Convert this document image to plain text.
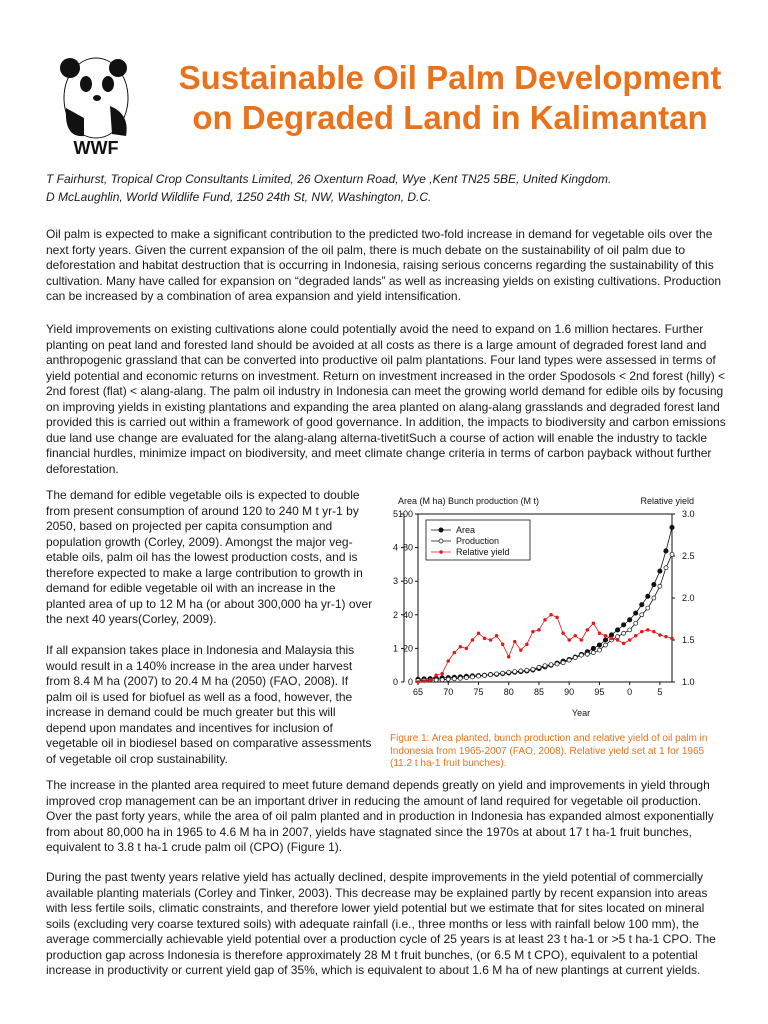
WWF
Sustainable Oil Palm Development
on Degraded Land in Kalimantan
T Fairhurst, Tropical Crop Consultants Limited, 26 Oxenturn Road, Wye ,Kent TN25 5BE, United Kingdom.
D McLaughlin, World Wildlife Fund, 1250 24th St, NW, Washington, D.C.

Oil palm is expected to make a significant contribution to the predicted two-fold increase in demand for vegetable oils over the next forty years. Given the current expansion of the oil palm, there is much debate on the sustainability of oil palm due to deforestation and habitat destruction that is occurring in Indonesia, raising serious concerns regarding the sustainability of this cultivation. Many have called for expansion on “degraded lands” as well as increasing yields on existing cultivations. Production can be increased by a combination of area expansion and yield intensification.

Yield improvements on existing cultivations alone could potentially avoid the need to expand on 1.6 million hectares. Further planting on peat land and forested land should be avoided at all costs as there is a large amount of degraded forest land and anthropogenic grassland that can be converted into productive oil palm plantations. Four land types were assessed in terms of yield potential and economic returns on investment. Return on investment increased in the order Spodosols < 2nd forest (hilly) < 2nd forest (flat) < alang-alang. The palm oil industry in Indonesia can meet the growing world demand for edible oils by focusing on improving yields in existing plantations and expanding the area planted on alang-alang grasslands and degraded forest land provided this is carried out within a framework of good governance. In addition, the impacts to biodiversity and carbon emissions due land use change are evaluated for the alang-alang alterna-tivetitSuch a course of action will enable the industry to tackle financial hurdles, minimize impact on biodiversity, and meet climate change criteria in terms of carbon payback without further deforestation.

The demand for edible vegetable oils is expected to double from present consumption of around 120 to 240 M t yr-1 by 2050, based on projected per capita consumption and population growth (Corley, 2009). Amongst the major veg-etable oils, palm oil has the lowest production costs, and is therefore expected to make a large contribution to growth in demand for edible vegetable oil with an increase in the planted area of up to 12 M ha (or about 300,000 ha yr-1) over the next 40 years(Corley, 2009).

If all expansion takes place in Indonesia and Malaysia this would result in a 140% increase in the area under harvest from 8.4 M ha (2007) to 20.4 M ha (2050) (FAO, 2008). If palm oil is used for biofuel as well as a food, however, the increase in demand could be much greater but this will depend upon mandates and incentives for inclusion of vegetable oil in biodiesel based on comparative assessments of vegetable oil crop sustainability.

Area (M ha) Bunch production (M t)	Relative yield
Year
65 70 75 80 85 90 95	0	5
0
1
2
3
4
5
0
20
40
60
80
100
1.0
1.5
2.0
2.5
3.0
Area
Production
Relative yield

Figure 1: Area planted, bunch production and relative yield of oil palm in Indonesia from 1965-2007 (FAO, 2008). Relative yield set at 1 for 1965 (11.2 t ha-1 fruit bunches).

The increase in the planted area required to meet future demand depends greatly on yield and improvements in yield through improved crop management can be an important driver in reducing the amount of land required for vegetable oil production. Over the past forty years, while the area of oil palm planted and in production in Indonesia has expanded almost exponentially from about 80,000 ha in 1965 to 4.6 M ha in 2007, yields have stagnated since the 1970s at about 17 t ha-1 fruit bunches, equivalent to 3.8 t ha-1 crude palm oil (CPO) (Figure 1).

During the past twenty years relative yield has actually declined, despite improvements in the yield potential of commercially available planting materials (Corley and Tinker, 2003). This decrease may be explained partly by recent expansion into areas with less fertile soils, climatic constraints, and therefore lower yield potential but we estimate that for sites located on mineral soils (excluding very coarse textured soils) with adequate rainfall (i.e., three months or less with rainfall below 100 mm), the average commercially achievable yield potential over a production cycle of 25 years is at least 23 t ha-1 or >5 t ha-1 CPO. The production gap across Indonesia is therefore approximately 28 M t fruit bunches, (or 6.5 M t CPO), equivalent to a potential increase in productivity or current yield gap of 35%, which is equivalent to about 1.6 M ha of new plantings at current yields.
